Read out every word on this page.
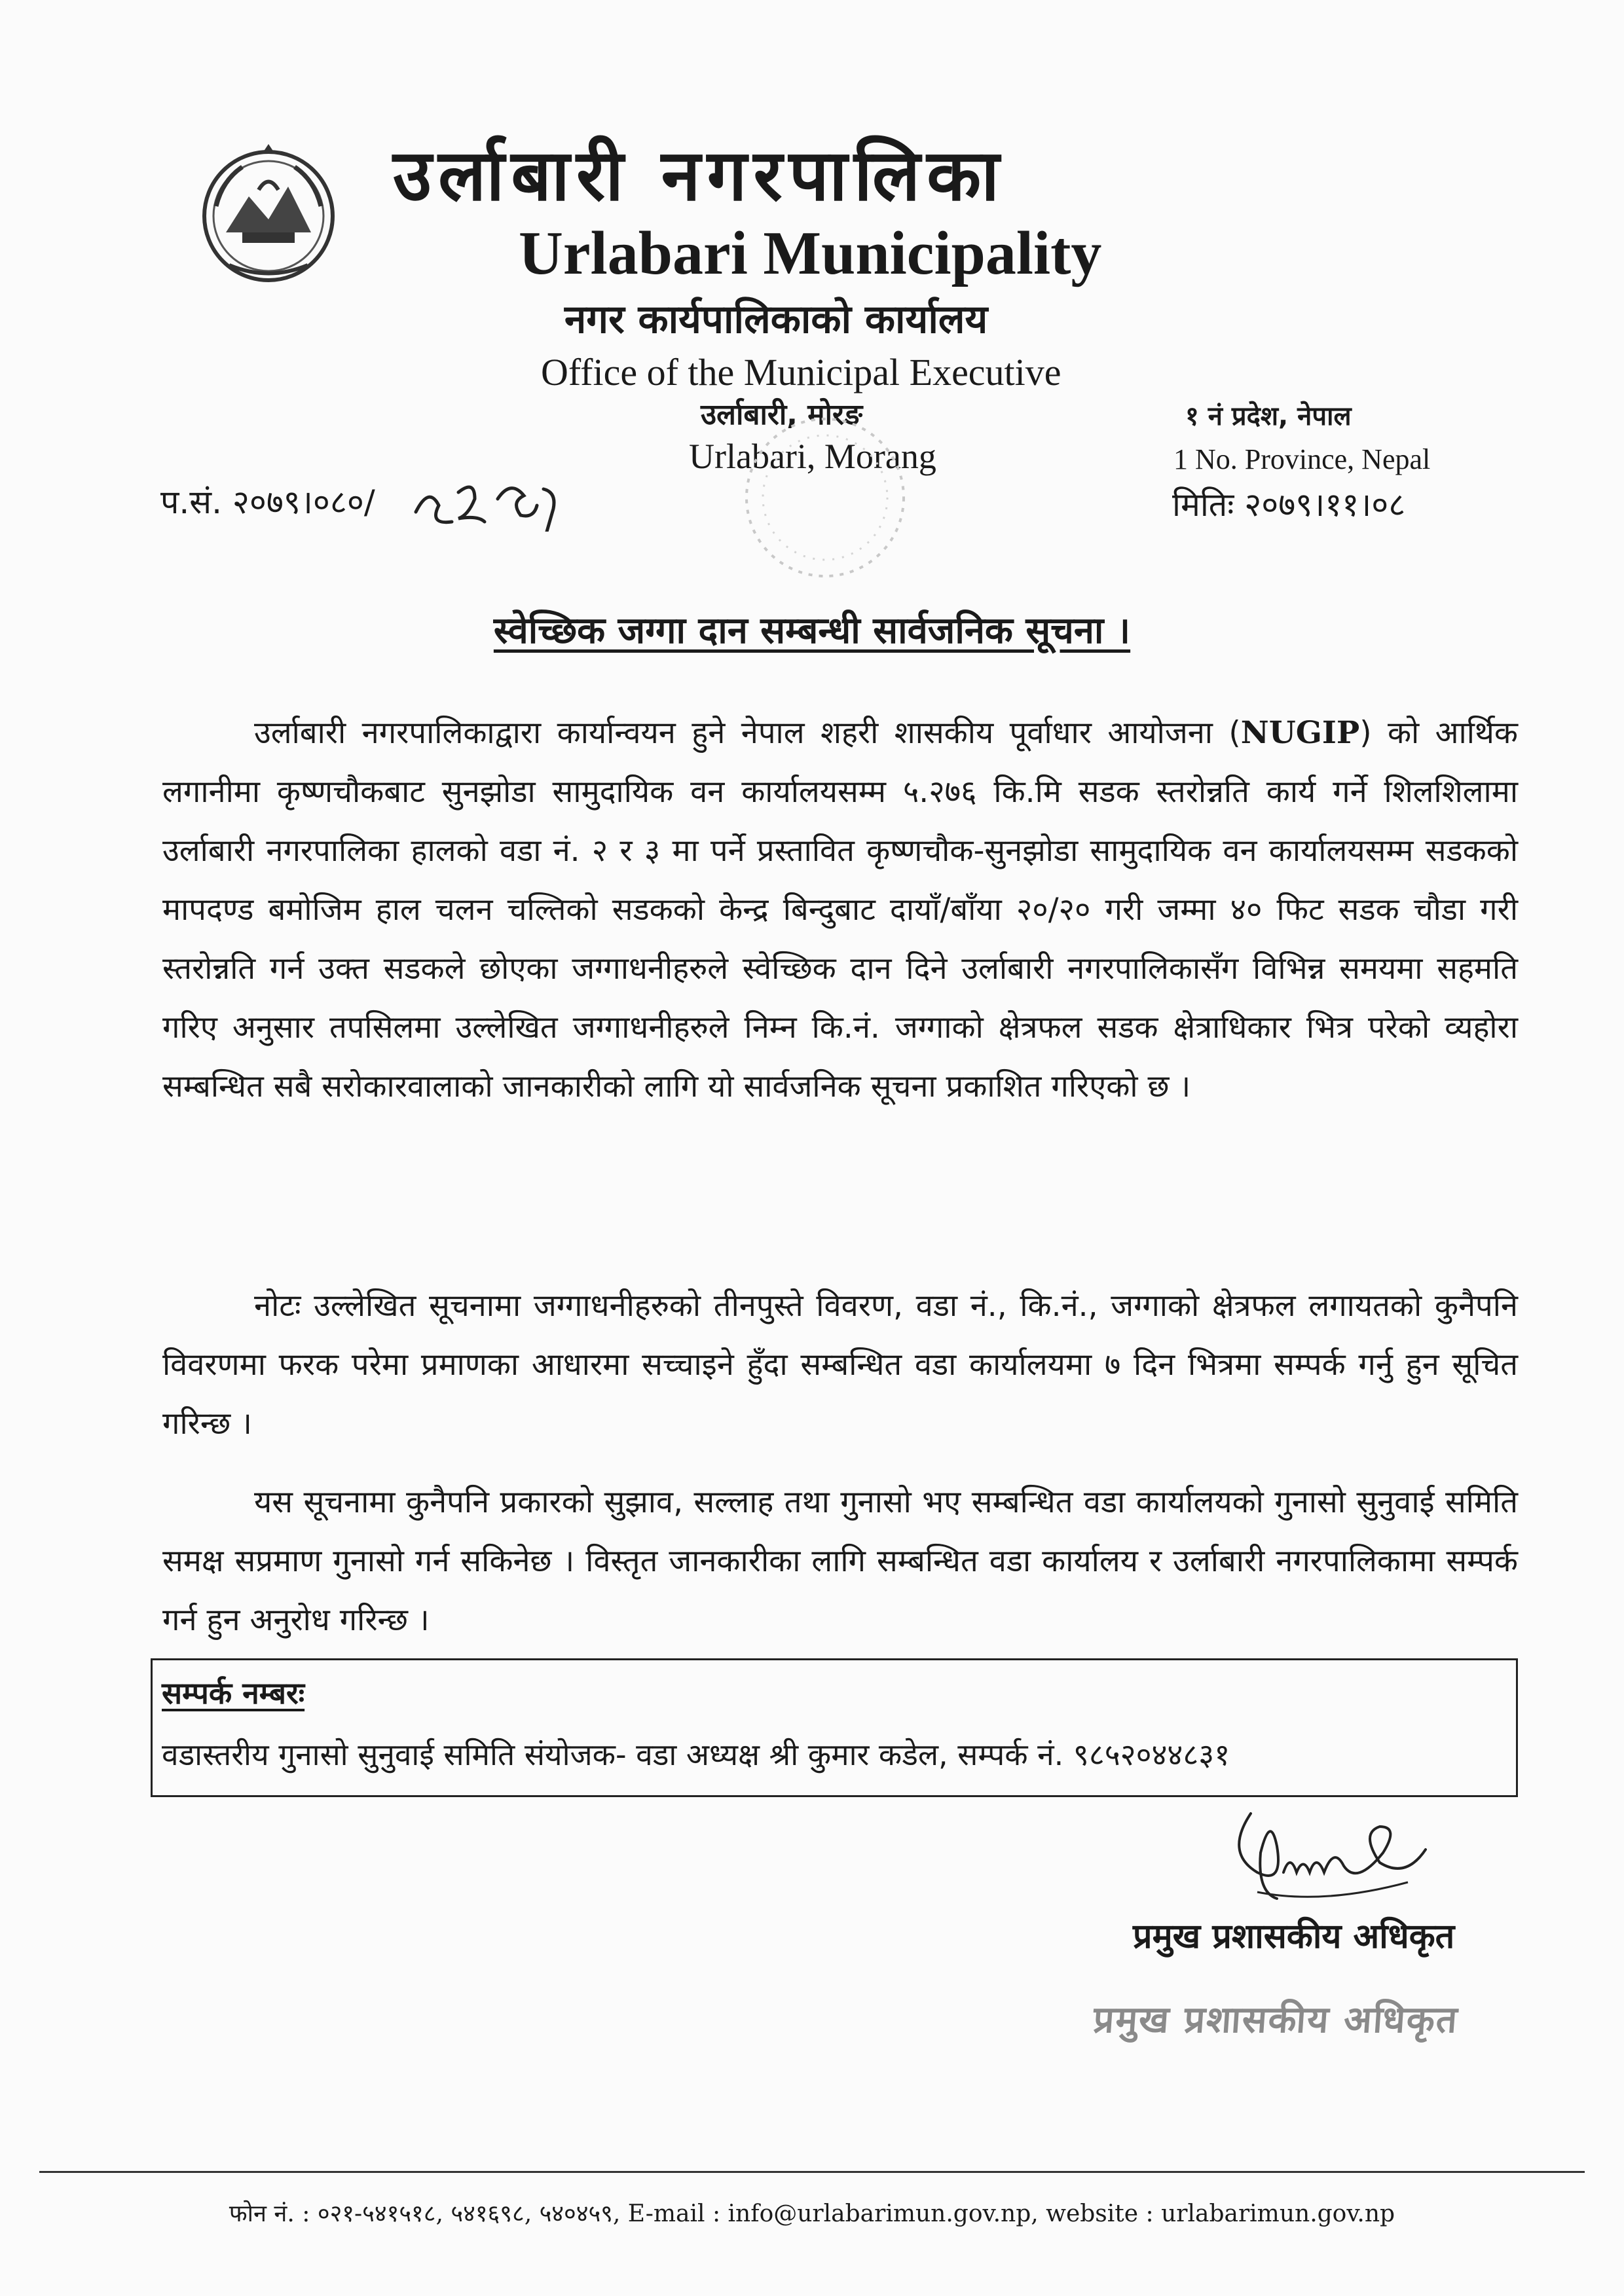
उर्लाबारी नगरपालिका
Urlabari Municipality
नगर कार्यपालिकाको कार्यालय
Office of the Municipal Executive
उर्लाबारी, मोरङ
Urlabari, Morang
१ नं प्रदेश, नेपाल
1 No. Province, Nepal
प.सं. २०७९।०८०/	मितिः २०७९।११।०८
स्वेच्छिक जग्गा दान सम्बन्धी सार्वजनिक सूचना ।
उर्लाबारी नगरपालिकाद्वारा कार्यान्वयन हुने नेपाल शहरी शासकीय पूर्वाधार आयोजना (NUGIP) को आर्थिक लगानीमा कृष्णचौकबाट सुनझोडा सामुदायिक वन कार्यालयसम्म ५.२७६ कि.मि सडक स्तरोन्नति कार्य गर्ने शिलशिलामा उर्लाबारी नगरपालिका हालको वडा नं. २ र ३ मा पर्ने प्रस्तावित कृष्णचौक-सुनझोडा सामुदायिक वन कार्यालयसम्म सडकको मापदण्ड बमोजिम हाल चलन चल्तिको सडकको केन्द्र बिन्दुबाट दायाँ/बाँया २०/२० गरी जम्मा ४० फिट सडक चौडा गरी स्तरोन्नति गर्न उक्त सडकले छोएका जग्गाधनीहरुले स्वेच्छिक दान दिने उर्लाबारी नगरपालिकासँग विभिन्न समयमा सहमति गरिए अनुसार तपसिलमा उल्लेखित जग्गाधनीहरुले निम्न कि.नं. जग्गाको क्षेत्रफल सडक क्षेत्राधिकार भित्र परेको व्यहोरा सम्बन्धित सबै सरोकारवालाको जानकारीको लागि यो सार्वजनिक सूचना प्रकाशित गरिएको छ ।
नोटः उल्लेखित सूचनामा जग्गाधनीहरुको तीनपुस्ते विवरण, वडा नं., कि.नं., जग्गाको क्षेत्रफल लगायतको कुनैपनि विवरणमा फरक परेमा प्रमाणका आधारमा सच्चाइने हुँदा सम्बन्धित वडा कार्यालयमा ७ दिन भित्रमा सम्पर्क गर्नु हुन सूचित गरिन्छ ।
यस सूचनामा कुनैपनि प्रकारको सुझाव, सल्लाह तथा गुनासो भए सम्बन्धित वडा कार्यालयको गुनासो सुनुवाई समिति समक्ष सप्रमाण गुनासो गर्न सकिनेछ । विस्तृत जानकारीका लागि सम्बन्धित वडा कार्यालय र उर्लाबारी नगरपालिकामा सम्पर्क गर्न हुन अनुरोध गरिन्छ ।
सम्पर्क नम्बरः
वडास्तरीय गुनासो सुनुवाई समिति संयोजक- वडा अध्यक्ष श्री कुमार कडेल, सम्पर्क नं. ९८५२०४४८३१
प्रमुख प्रशासकीय अधिकृत
प्रमुख प्रशासकीय अधिकृत
फोन नं. : ०२१-५४१५१८, ५४१६९८, ५४०४५९, E-mail : info@urlabarimun.gov.np, website : urlabarimun.gov.np
